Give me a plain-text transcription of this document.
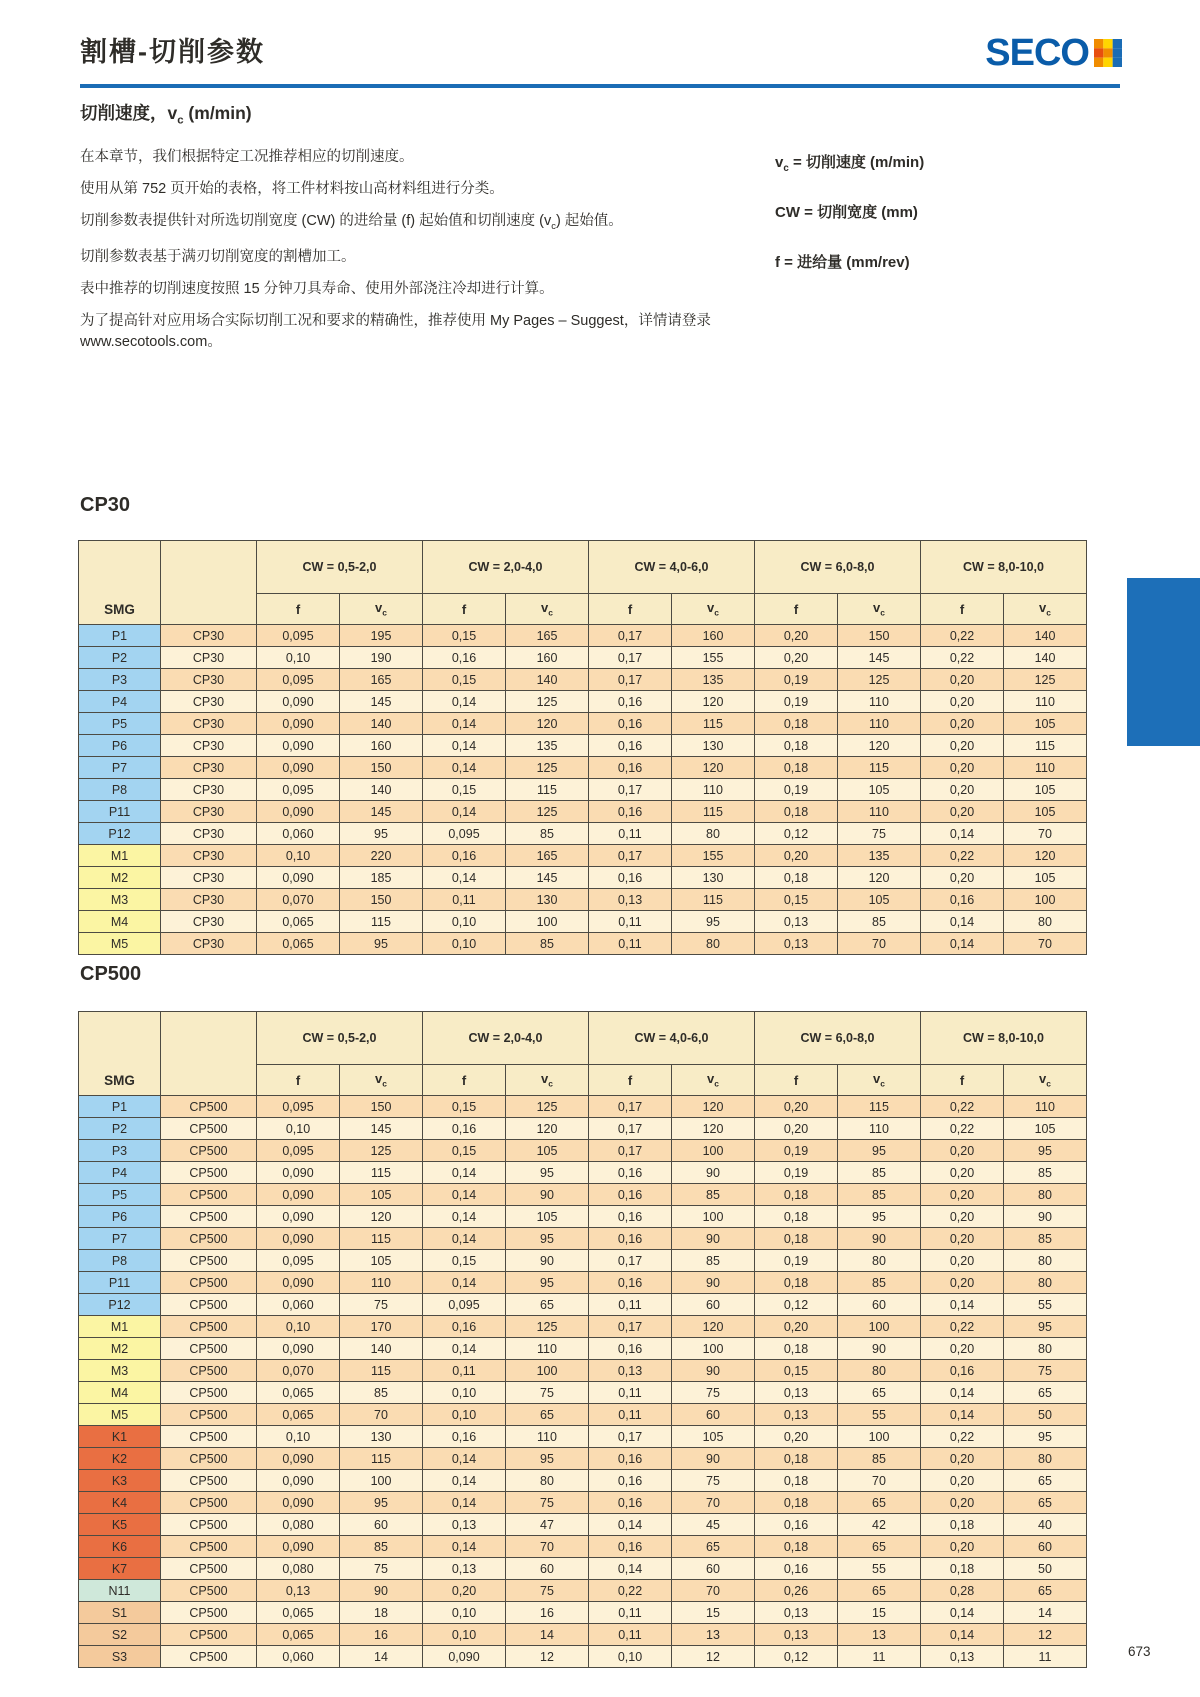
割槽-切削参数	SECO
切削速度，$v_c$ (m/min)

在本章节，我们根据特定工况推荐相应的切削速度。

使用从第 752 页开始的表格，将工件材料按山高材料组进行分类。

切削参数表提供针对所选切削宽度 (CW) 的进给量 (f) 起始值和切削速度 $(v_c)$ 起始值。

切削参数表基于满刃切削宽度的割槽加工。

表中推荐的切削速度按照 15 分钟刀具寿命、使用外部浇注冷却进行计算。

为了提高针对应用场合实际切削工况和要求的精确性，推荐使用 My Pages – Suggest，详情请登录 www.secotools.com。

$v_c$ = 切削速度 (m/min)
CW = 切削宽度 (mm)
f = 进给量 (mm/rev)
CP30
SMG		CW = 0,5-2,0		CW = 2,0-4,0		CW = 4,0-6,0		CW = 6,0-8,0		CW = 8,0-10,0	
		f	$v_c$	f	$v_c$	f	$v_c$	f	$v_c$	f	$v_c$
P1	CP30	0,095	195	0,15	165	0,17	160	0,20	150	0,22	140
P2	CP30	0,10	190	0,16	160	0,17	155	0,20	145	0,22	140
P3	CP30	0,095	165	0,15	140	0,17	135	0,19	125	0,20	125
P4	CP30	0,090	145	0,14	125	0,16	120	0,19	110	0,20	110
P5	CP30	0,090	140	0,14	120	0,16	115	0,18	110	0,20	105
P6	CP30	0,090	160	0,14	135	0,16	130	0,18	120	0,20	115
P7	CP30	0,090	150	0,14	125	0,16	120	0,18	115	0,20	110
P8	CP30	0,095	140	0,15	115	0,17	110	0,19	105	0,20	105
P11	CP30	0,090	145	0,14	125	0,16	115	0,18	110	0,20	105
P12	CP30	0,060	95	0,095	85	0,11	80	0,12	75	0,14	70
M1	CP30	0,10	220	0,16	165	0,17	155	0,20	135	0,22	120
M2	CP30	0,090	185	0,14	145	0,16	130	0,18	120	0,20	105
M3	CP30	0,070	150	0,11	130	0,13	115	0,15	105	0,16	100
M4	CP30	0,065	115	0,10	100	0,11	95	0,13	85	0,14	80
M5	CP30	0,065	95	0,10	85	0,11	80	0,13	70	0,14	70
CP500
SMG		CW = 0,5-2,0		CW = 2,0-4,0		CW = 4,0-6,0		CW = 6,0-8,0		CW = 8,0-10,0	
		f	$v_c$	f	$v_c$	f	$v_c$	f	$v_c$	f	$v_c$
P1	CP500	0,095	150	0,15	125	0,17	120	0,20	115	0,22	110
P2	CP500	0,10	145	0,16	120	0,17	120	0,20	110	0,22	105
P3	CP500	0,095	125	0,15	105	0,17	100	0,19	95	0,20	95
P4	CP500	0,090	115	0,14	95	0,16	90	0,19	85	0,20	85
P5	CP500	0,090	105	0,14	90	0,16	85	0,18	85	0,20	80
P6	CP500	0,090	120	0,14	105	0,16	100	0,18	95	0,20	90
P7	CP500	0,090	115	0,14	95	0,16	90	0,18	90	0,20	85
P8	CP500	0,095	105	0,15	90	0,17	85	0,19	80	0,20	80
P11	CP500	0,090	110	0,14	95	0,16	90	0,18	85	0,20	80
P12	CP500	0,060	75	0,095	65	0,11	60	0,12	60	0,14	55
M1	CP500	0,10	170	0,16	125	0,17	120	0,20	100	0,22	95
M2	CP500	0,090	140	0,14	110	0,16	100	0,18	90	0,20	80
M3	CP500	0,070	115	0,11	100	0,13	90	0,15	80	0,16	75
M4	CP500	0,065	85	0,10	75	0,11	75	0,13	65	0,14	65
M5	CP500	0,065	70	0,10	65	0,11	60	0,13	55	0,14	50
K1	CP500	0,10	130	0,16	110	0,17	105	0,20	100	0,22	95
K2	CP500	0,090	115	0,14	95	0,16	90	0,18	85	0,20	80
K3	CP500	0,090	100	0,14	80	0,16	75	0,18	70	0,20	65
K4	CP500	0,090	95	0,14	75	0,16	70	0,18	65	0,20	65
K5	CP500	0,080	60	0,13	47	0,14	45	0,16	42	0,18	40
K6	CP500	0,090	85	0,14	70	0,16	65	0,18	65	0,20	60
K7	CP500	0,080	75	0,13	60	0,14	60	0,16	55	0,18	50
N11	CP500	0,13	90	0,20	75	0,22	70	0,26	65	0,28	65
S1	CP500	0,065	18	0,10	16	0,11	15	0,13	15	0,14	14
S2	CP500	0,065	16	0,10	14	0,11	13	0,13	13	0,14	12
S3	CP500	0,060	14	0,090	12	0,10	12	0,12	11	0,13	11	673
